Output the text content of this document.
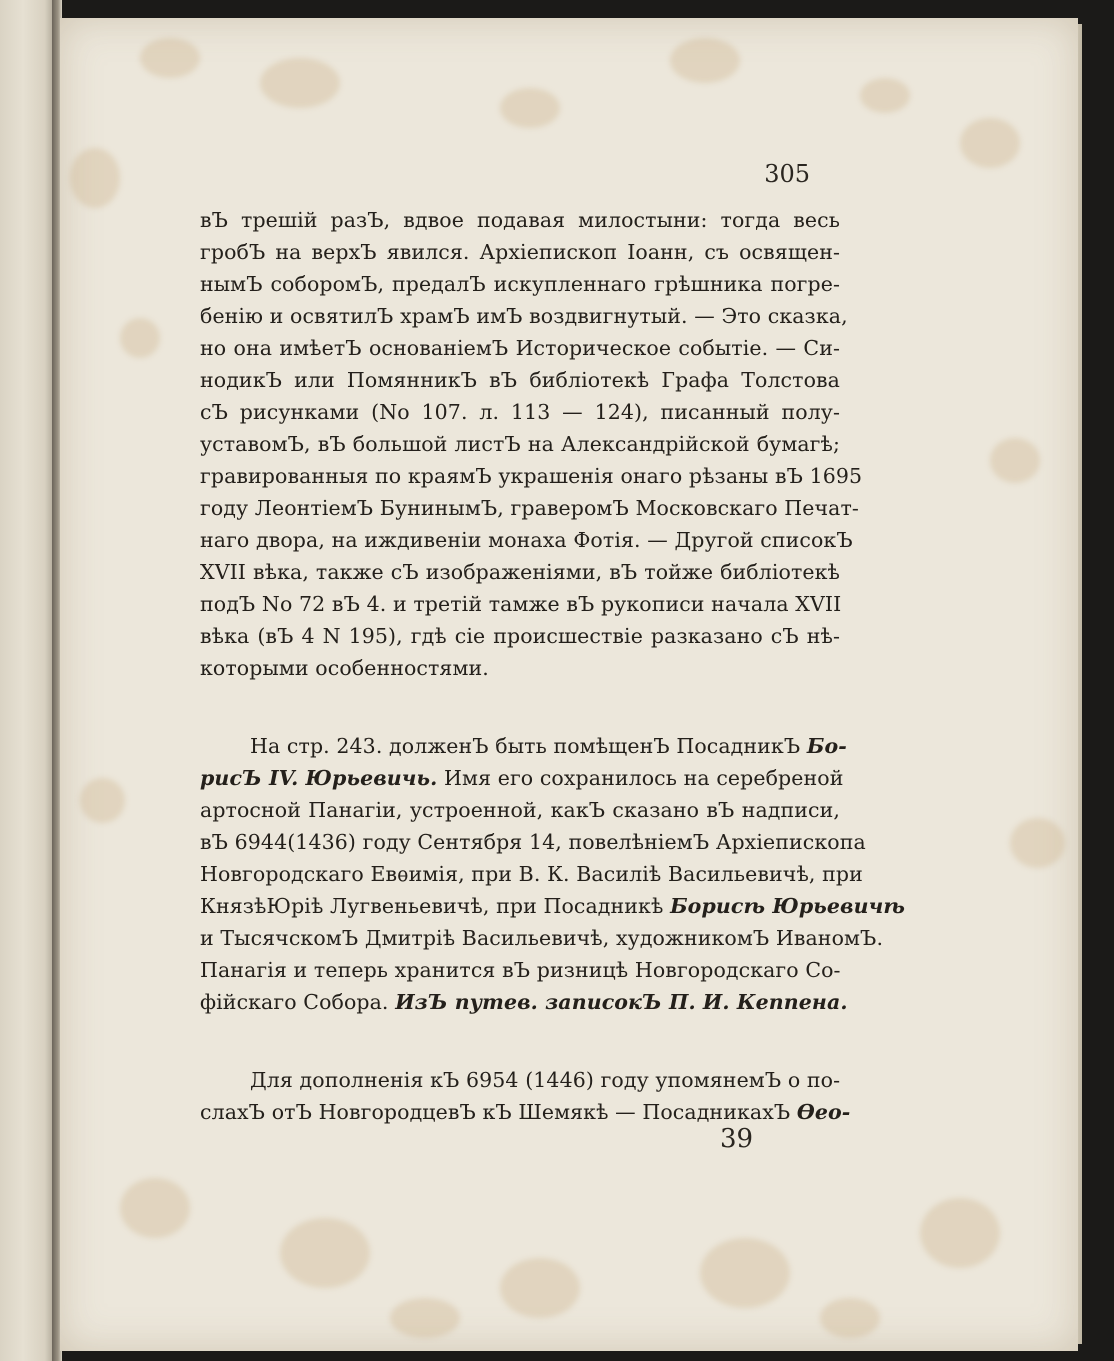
305
вЪ трешій разЪ, вдвое подавая милостыни: тогда весь
гробЪ на верхЪ явился. Архіепископ Іоанн, съ освящен-
нымЪ соборомЪ, предалЪ искупленнаго грѣшника погре-
бенію и освятилЪ храмЪ имЪ воздвигнутый. — Это сказка,
но она имѣетЪ основаніемЪ Историческое событіе. — Си-
нодикЪ или ПомянникЪ вЪ библіотекѣ Графа Толстова
сЪ рисунками (No 107. л. 113 — 124), писанный полу-
уставомЪ, вЪ большой листЪ на Александрійской бумагѣ;
гравированныя по краямЪ украшенія онаго рѣзаны вЪ 1695
году ЛеонтіемЪ БунинымЪ, граверомЪ Московскаго Печат-
наго двора, на иждивеніи монаха Фотія. — Другой списокЪ
XVII вѣка, также сЪ изображеніями, вЪ тойже библіотекѣ
подЪ No 72 вЪ 4. и третій тамже вЪ рукописи начала XVII
вѣка (вЪ 4 N 195), гдѣ сіе происшествіе разказано сЪ нѣ-
которыми особенностями.
На стр. 243. долженЪ быть помѣщенЪ ПосадникЪ Бо-
рисЪ IV. Юрьевичь. Имя его сохранилось на серебреной
артосной Панагіи, устроенной, какЪ сказано вЪ надписи,
вЪ 6944(1436) году Сентября 14, повелѣніемЪ Архіепископа
Новгородскаго Евѳимія, при В. К. Василіѣ Васильевичѣ, при
КнязѣЮріѣ Лугвеньевичѣ, при Посадникѣ Борисѣ Юрьевичѣ
и ТысячскомЪ Дмитріѣ Васильевичѣ, художникомЪ ИваномЪ.
Панагія и теперь хранится вЪ ризницѣ Новгородскаго Со-
фійскаго Собора. ИзЪ путев. записокЪ П. И. Кеппена.
Для дополненія кЪ 6954 (1446) году упомянемЪ о по-
слахЪ отЪ НовгородцевЪ кЪ Шемякѣ — ПосадникахЪ Ѳео-
39
